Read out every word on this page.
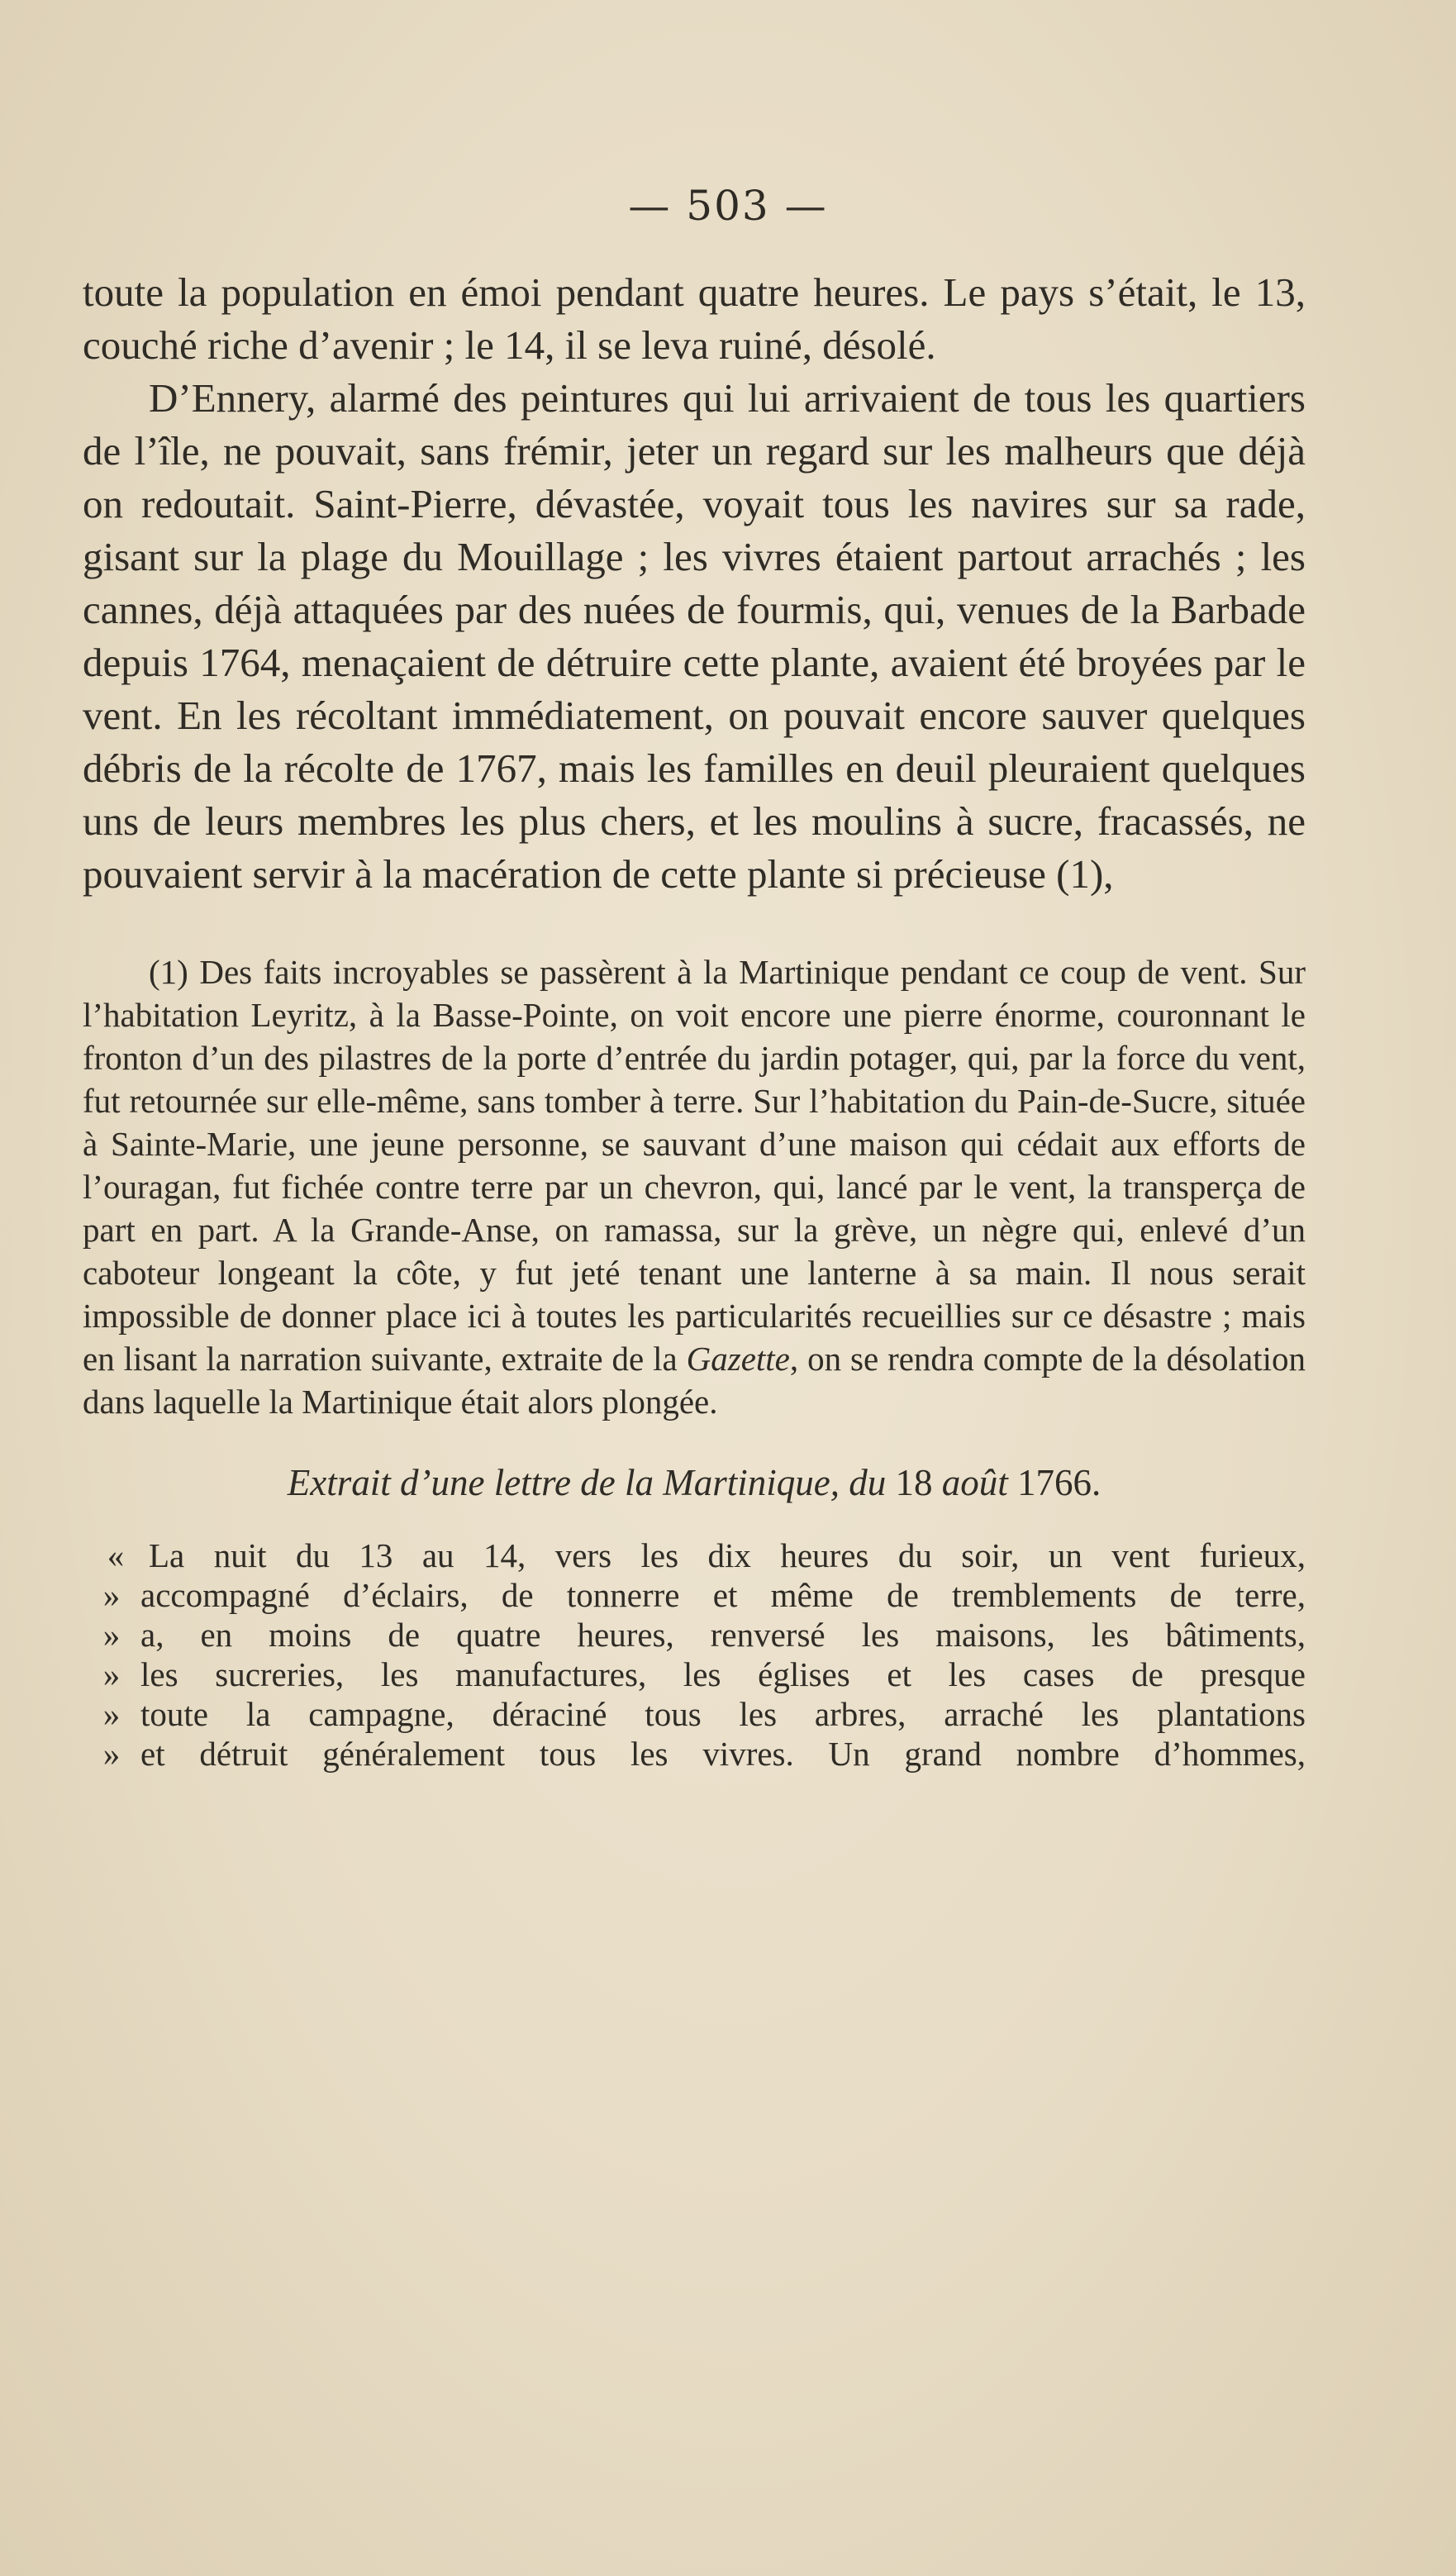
— 503 —

toute la population en émoi pendant quatre heures. Le pays s’était, le 13, couché riche d’avenir ; le 14, il se leva ruiné, désolé.

D’Ennery, alarmé des peintures qui lui arrivaient de tous les quartiers de l’île, ne pouvait, sans frémir, jeter un regard sur les malheurs que déjà on redoutait. Saint-Pierre, dévastée, voyait tous les navires sur sa rade, gisant sur la plage du Mouillage ; les vivres étaient partout arrachés ; les cannes, déjà attaquées par des nuées de fourmis, qui, venues de la Barbade depuis 1764, menaçaient de détruire cette plante, avaient été broyées par le vent. En les récoltant immédiatement, on pouvait encore sauver quelques débris de la récolte de 1767, mais les familles en deuil pleuraient quelques uns de leurs membres les plus chers, et les moulins à sucre, fracassés, ne pouvaient servir à la macération de cette plante si précieuse (1),

(1) Des faits incroyables se passèrent à la Martinique pendant ce coup de vent. Sur l’habitation Leyritz, à la Basse-Pointe, on voit encore une pierre énorme, couronnant le fronton d’un des pilastres de la porte d’entrée du jardin potager, qui, par la force du vent, fut retournée sur elle-même, sans tomber à terre. Sur l’habitation du Pain-de-Sucre, située à Sainte-Marie, une jeune personne, se sauvant d’une maison qui cédait aux efforts de l’ouragan, fut fichée contre terre par un chevron, qui, lancé par le vent, la transperça de part en part. A la Grande-Anse, on ramassa, sur la grève, un nègre qui, enlevé d’un caboteur longeant la côte, y fut jeté tenant une lanterne à sa main. Il nous serait impossible de donner place ici à toutes les particularités recueillies sur ce désastre ; mais en lisant la narration suivante, extraite de la Gazette, on se rendra compte de la désolation dans laquelle la Martinique était alors plongée.

Extrait d’une lettre de la Martinique, du 18 août 1766.
« La nuit du 13 au 14, vers les dix heures du soir, un vent furieux,
» accompagné d’éclairs, de tonnerre et même de tremblements de terre,
» a, en moins de quatre heures, renversé les maisons, les bâtiments,
» les sucreries, les manufactures, les églises et les cases de presque
» toute la campagne, déraciné tous les arbres, arraché les plantations
» et détruit généralement tous les vivres. Un grand nombre d’hommes,
